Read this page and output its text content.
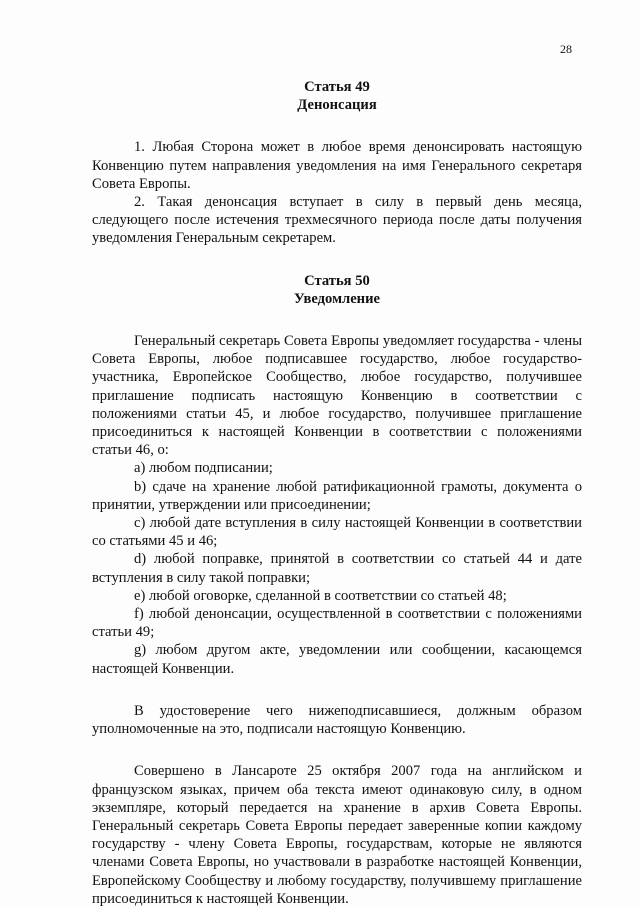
28
Статья 49
Денонсация

1. Любая Сторона может в любое время денонсировать настоящую Конвенцию путем направления уведомления на имя Генерального секретаря Совета Европы.

2. Такая денонсация вступает в силу в первый день месяца, следующего после истечения трехмесячного периода после даты получения уведомления Генеральным секретарем.

Статья 50
Уведомление

Генеральный секретарь Совета Европы уведомляет государства - члены Совета Европы, любое подписавшее государство, любое государство-участника, Европейское Сообщество, любое государство, получившее приглашение подписать настоящую Конвенцию в соответствии с положениями статьи 45, и любое государство, получившее приглашение присоединиться к настоящей Конвенции в соответствии с положениями статьи 46, о:

a) любом подписании;

b) сдаче на хранение любой ратификационной грамоты, документа о принятии, утверждении или присоединении;

c) любой дате вступления в силу настоящей Конвенции в соответствии со статьями 45 и 46;

d) любой поправке, принятой в соответствии со статьей 44 и дате вступления в силу такой поправки;

e) любой оговорке, сделанной в соответствии со статьей 48;

f) любой денонсации, осуществленной в соответствии с положениями статьи 49;

g) любом другом акте, уведомлении или сообщении, касающемся настоящей Конвенции.

В удостоверение чего нижеподписавшиеся, должным образом уполномоченные на это, подписали настоящую Конвенцию.

Совершено в Лансароте 25 октября 2007 года на английском и французском языках, причем оба текста имеют одинаковую силу, в одном экземпляре, который передается на хранение в архив Совета Европы. Генеральный секретарь Совета Европы передает заверенные копии каждому государству - члену Совета Европы, государствам, которые не являются членами Совета Европы, но участвовали в разработке настоящей Конвенции, Европейскому Сообществу и любому государству, получившему приглашение присоединиться к настоящей Конвенции.
